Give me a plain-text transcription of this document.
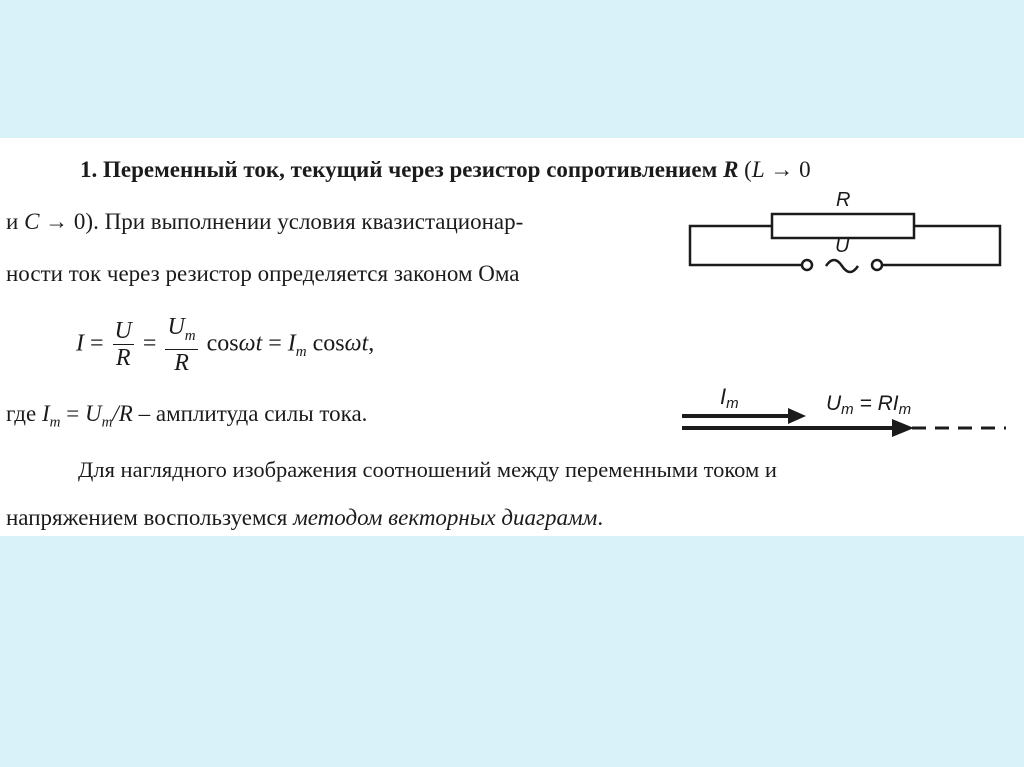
1. Переменный ток, текущий через резистор сопротивлением R (L → 0
и C → 0). При выполнении условия квазистационар-
ности ток через резистор определяется законом Ома
$I = \frac{U}{R} = \frac{U_m}{R}$ $\cos\omega t = I_m$ cosωt,
где $I_m = U_m/R$ – амплитуда силы тока.
Для наглядного изображения соотношений между переменными током и
напряжением воспользуемся методом векторных диаграмм.
R
U
Im	Um = RIm
